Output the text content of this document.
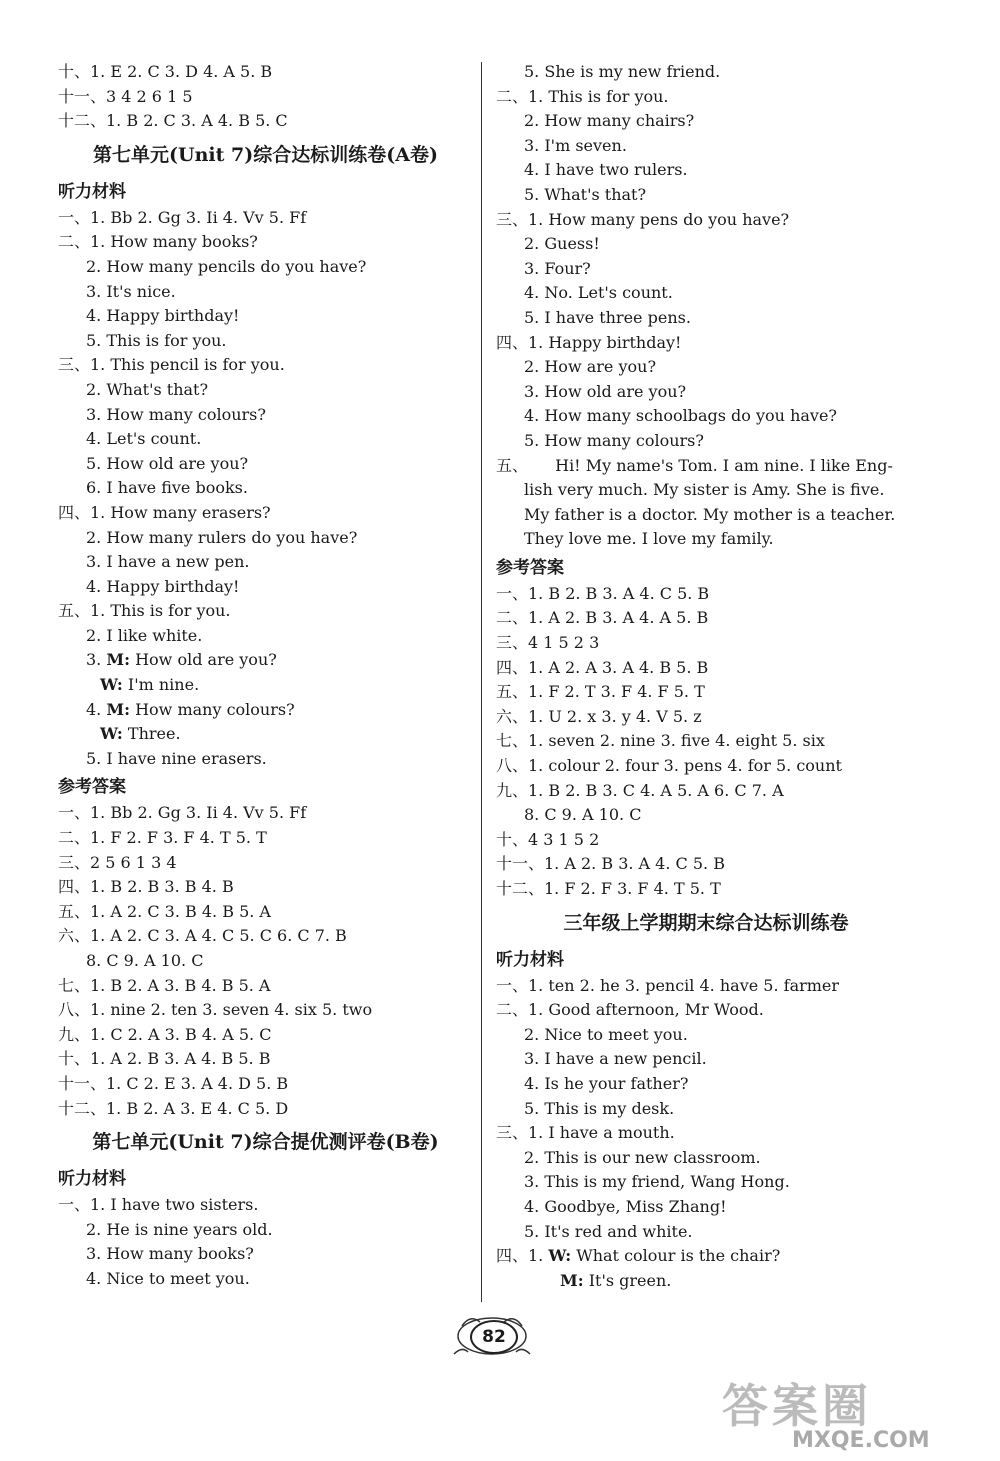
十、1. E 2. C 3. D 4. A 5. B
十一、3 4 2 6 1 5
十二、1. B 2. C 3. A 4. B 5. C
第七单元(Unit 7)综合达标训练卷(A卷)
听力材料
一、1. Bb 2. Gg 3. Ii 4. Vv 5. Ff
二、1. How many books?
2. How many pencils do you have?
3. It's nice.
4. Happy birthday!
5. This is for you.
三、1. This pencil is for you.
2. What's that?
3. How many colours?
4. Let's count.
5. How old are you?
6. I have five books.
四、1. How many erasers?
2. How many rulers do you have?
3. I have a new pen.
4. Happy birthday!
五、1. This is for you.
2. I like white.
3. M: How old are you?
W: I'm nine.
4. M: How many colours?
W: Three.
5. I have nine erasers.
参考答案
一、1. Bb 2. Gg 3. Ii 4. Vv 5. Ff
二、1. F 2. F 3. F 4. T 5. T
三、2 5 6 1 3 4
四、1. B 2. B 3. B 4. B
五、1. A 2. C 3. B 4. B 5. A
六、1. A 2. C 3. A 4. C 5. C 6. C 7. B
8. C 9. A 10. C
七、1. B 2. A 3. B 4. B 5. A
八、1. nine 2. ten 3. seven 4. six 5. two
九、1. C 2. A 3. B 4. A 5. C
十、1. A 2. B 3. A 4. B 5. B
十一、1. C 2. E 3. A 4. D 5. B
十二、1. B 2. A 3. E 4. C 5. D
第七单元(Unit 7)综合提优测评卷(B卷)
听力材料
一、1. I have two sisters.
2. He is nine years old.
3. How many books?
4. Nice to meet you.
5. She is my new friend.
二、1. This is for you.
2. How many chairs?
3. I'm seven.
4. I have two rulers.
5. What's that?
三、1. How many pens do you have?
2. Guess!
3. Four?
4. No. Let's count.
5. I have three pens.
四、1. Happy birthday!
2. How are you?
3. How old are you?
4. How many schoolbags do you have?
5. How many colours?
五、 Hi! My name's Tom. I am nine. I like Eng-
lish very much. My sister is Amy. She is five.
My father is a doctor. My mother is a teacher.
They love me. I love my family.
参考答案
一、1. B 2. B 3. A 4. C 5. B
二、1. A 2. B 3. A 4. A 5. B
三、4 1 5 2 3
四、1. A 2. A 3. A 4. B 5. B
五、1. F 2. T 3. F 4. F 5. T
六、1. U 2. x 3. y 4. V 5. z
七、1. seven 2. nine 3. five 4. eight 5. six
八、1. colour 2. four 3. pens 4. for 5. count
九、1. B 2. B 3. C 4. A 5. A 6. C 7. A
8. C 9. A 10. C
十、4 3 1 5 2
十一、1. A 2. B 3. A 4. C 5. B
十二、1. F 2. F 3. F 4. T 5. T
三年级上学期期末综合达标训练卷
听力材料
一、1. ten 2. he 3. pencil 4. have 5. farmer
二、1. Good afternoon, Mr Wood.
2. Nice to meet you.
3. I have a new pencil.
4. Is he your father?
5. This is my desk.
三、1. I have a mouth.
2. This is our new classroom.
3. This is my friend, Wang Hong.
4. Goodbye, Miss Zhang!
5. It's red and white.
四、1. W: What colour is the chair?
M: It's green.
82
答案圈
MXQE.COM
